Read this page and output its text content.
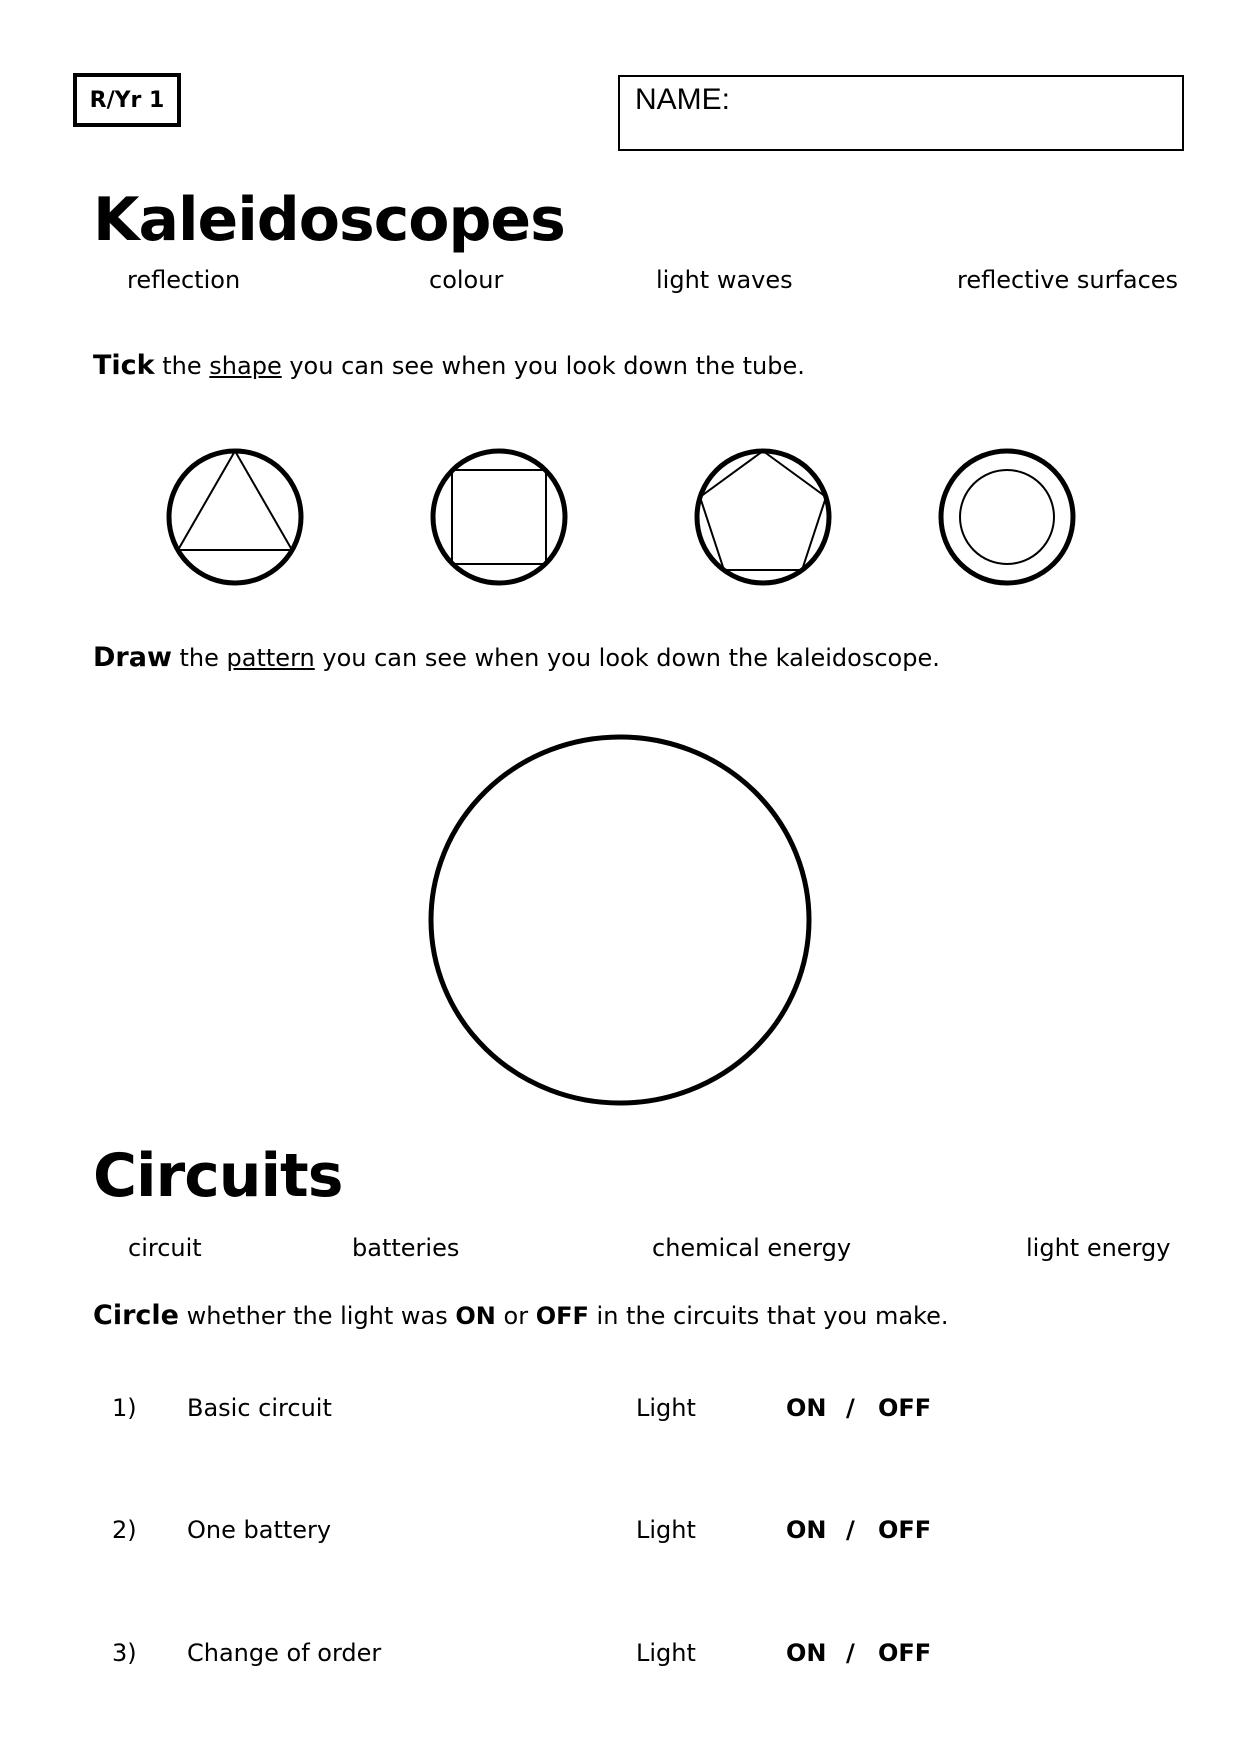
R/Yr 1	NAME:
Kaleidoscopes
reflection	colour	light waves	reflective surfaces
Tick the shape you can see when you look down the tube.
Draw the pattern you can see when you look down the kaleidoscope.
Circuits
circuit	batteries	chemical energy	light energy
Circle whether the light was ON or OFF in the circuits that you make.
1) Basic circuit	Light	ON / OFF
2) One battery	Light	ON / OFF
3) Change of order	Light	ON / OFF
